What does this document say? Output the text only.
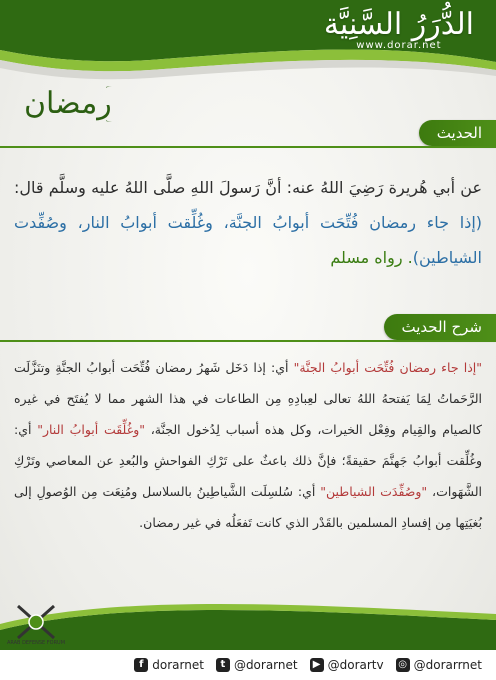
الدُّرَرُ السَّنِيَّة
www.dorar.net
رمضان
الحديث
عن أبي هُريرة رَضِيَ اللهُ عنه: أنَّ رَسولَ اللهِ صلَّى اللهُ عليه وسلَّم قال: (إذا جاء رمضان فُتِّحَت أبوابُ الجنَّة، وغُلِّقت أبوابُ النار، وصُفِّدت الشياطين). رواه مسلم
شرح الحديث
"إذا جاء رمضان فُتِّحَت أبوابُ الجنَّة" أي: إذا دَخَل شَهرُ رمضان فُتِّحَت أبوابُ الجنَّةِ وتنَزَّلَت الرَّحَماتُ لِمَا يَفتحهُ اللهُ تعالى لعِبادِهِ مِن الطاعات في هذا الشهر مما لا يُفتَح في غيره كالصيام والقِيام وفِعْل الخيرات، وكل هذه أسباب لِدُخول الجنَّة، "وغُلِّقَت أبوابُ النار" أي: وغُلِّقت أبوابُ جَهنَّمَ حقيقةً؛ فإنَّ ذلك باعثٌ على تَرْكِ الفواحشِ والبُعدِ عن المعاصي وتَرْكِ الشَّهَوات، "وصُفِّدَت الشياطين" أي: سُلسِلَت الشَّياطِينُ بالسلاسل ومُنِعَت مِن الوُصولِ إلى بُغيَتِها مِن إفسادِ المسلمين بالقَدْر الذي كانت تَفعَلُه في غير رمضان.
ARAB DEFENSE FORUM
f dorarnet	t @dorarnet	▶ @dorartv ◎ @dorarrnet
